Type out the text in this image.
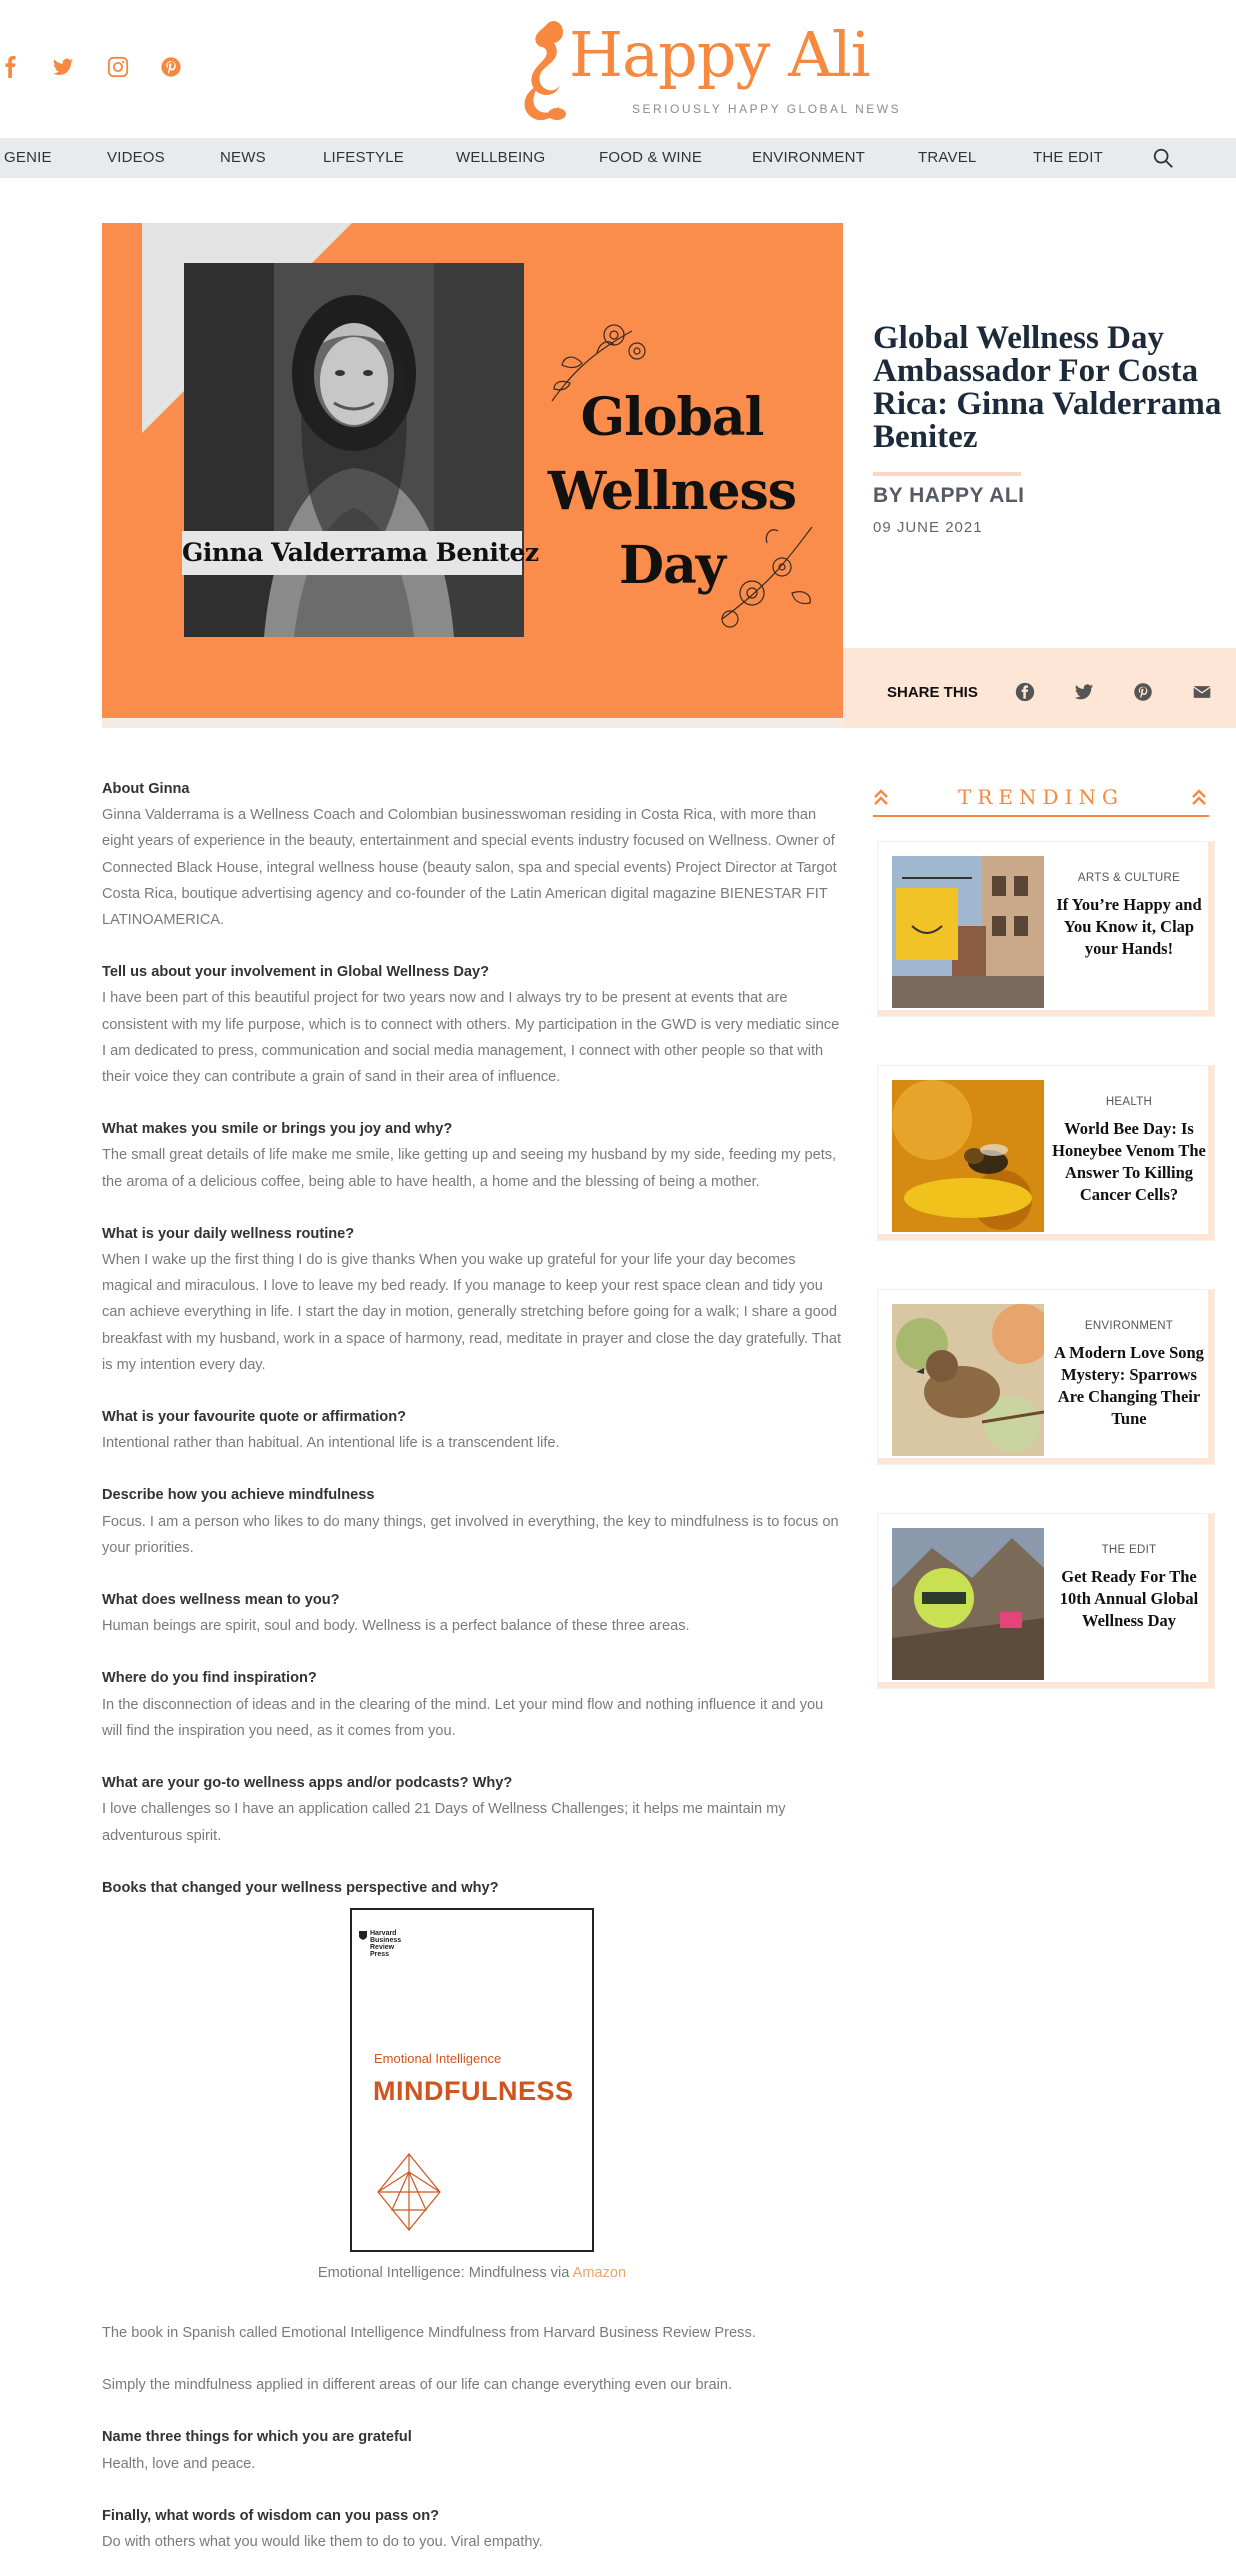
Happy Ali
SERIOUSLY HAPPY GLOBAL NEWS
GENIE	VIDEOS	NEWS	LIFESTYLE	WELLBEING	FOOD & WINE	ENVIRONMENT	TRAVEL	THE EDIT
Ginna Valderrama Benitez
Global
Wellness
Day
Global Wellness Day Ambassador For Costa Rica: Ginna Valderrama Benitez
BY HAPPY ALI
09 JUNE 2021
SHARE THIS
About Ginna
Ginna Valderrama is a Wellness Coach and Colombian businesswoman residing in Costa Rica, with more than eight years of experience in the beauty, entertainment and special events industry focused on Wellness. Owner of Connected Black House, integral wellness house (beauty salon, spa and special events) Project Director at Targot Costa Rica, boutique advertising agency and co-founder of the Latin American digital magazine BIENESTAR FIT LATINOAMERICA.
Tell us about your involvement in Global Wellness Day?
I have been part of this beautiful project for two years now and I always try to be present at events that are consistent with my life purpose, which is to connect with others. My participation in the GWD is very mediatic since I am dedicated to press, communication and social media management, I connect with other people so that with their voice they can contribute a grain of sand in their area of influence.
What makes you smile or brings you joy and why?
The small great details of life make me smile, like getting up and seeing my husband by my side, feeding my pets, the aroma of a delicious coffee, being able to have health, a home and the blessing of being a mother.
What is your daily wellness routine?
When I wake up the first thing I do is give thanks When you wake up grateful for your life your day becomes magical and miraculous. I love to leave my bed ready. If you manage to keep your rest space clean and tidy you can achieve everything in life. I start the day in motion, generally stretching before going for a walk; I share a good breakfast with my husband, work in a space of harmony, read, meditate in prayer and close the day gratefully. That is my intention every day.
What is your favourite quote or affirmation?
Intentional rather than habitual. An intentional life is a transcendent life.
Describe how you achieve mindfulness
Focus. I am a person who likes to do many things, get involved in everything, the key to mindfulness is to focus on your priorities.
What does wellness mean to you?
Human beings are spirit, soul and body. Wellness is a perfect balance of these three areas.
Where do you find inspiration?
In the disconnection of ideas and in the clearing of the mind. Let your mind flow and nothing influence it and you will find the inspiration you need, as it comes from you.
What are your go-to wellness apps and/or podcasts? Why?
I love challenges so I have an application called 21 Days of Wellness Challenges; it helps me maintain my adventurous spirit.
Books that changed your wellness perspective and why?
Harvard Business Review Press
Emotional Intelligence
MINDFULNESS
Emotional Intelligence: Mindfulness via Amazon
The book in Spanish called Emotional Intelligence Mindfulness from Harvard Business Review Press.
Simply the mindfulness applied in different areas of our life can change everything even our brain.
Name three things for which you are grateful
Health, love and peace.
Finally, what words of wisdom can you pass on?
Do with others what you would like them to do to you. Viral empathy.
TRENDING
ARTS & CULTURE
If You’re Happy and You Know it, Clap your Hands!
HEALTH
World Bee Day: Is Honeybee Venom The Answer To Killing Cancer Cells?
ENVIRONMENT
A Modern Love Song Mystery: Sparrows Are Changing Their Tune
THE EDIT
Get Ready For The 10th Annual Global Wellness Day
